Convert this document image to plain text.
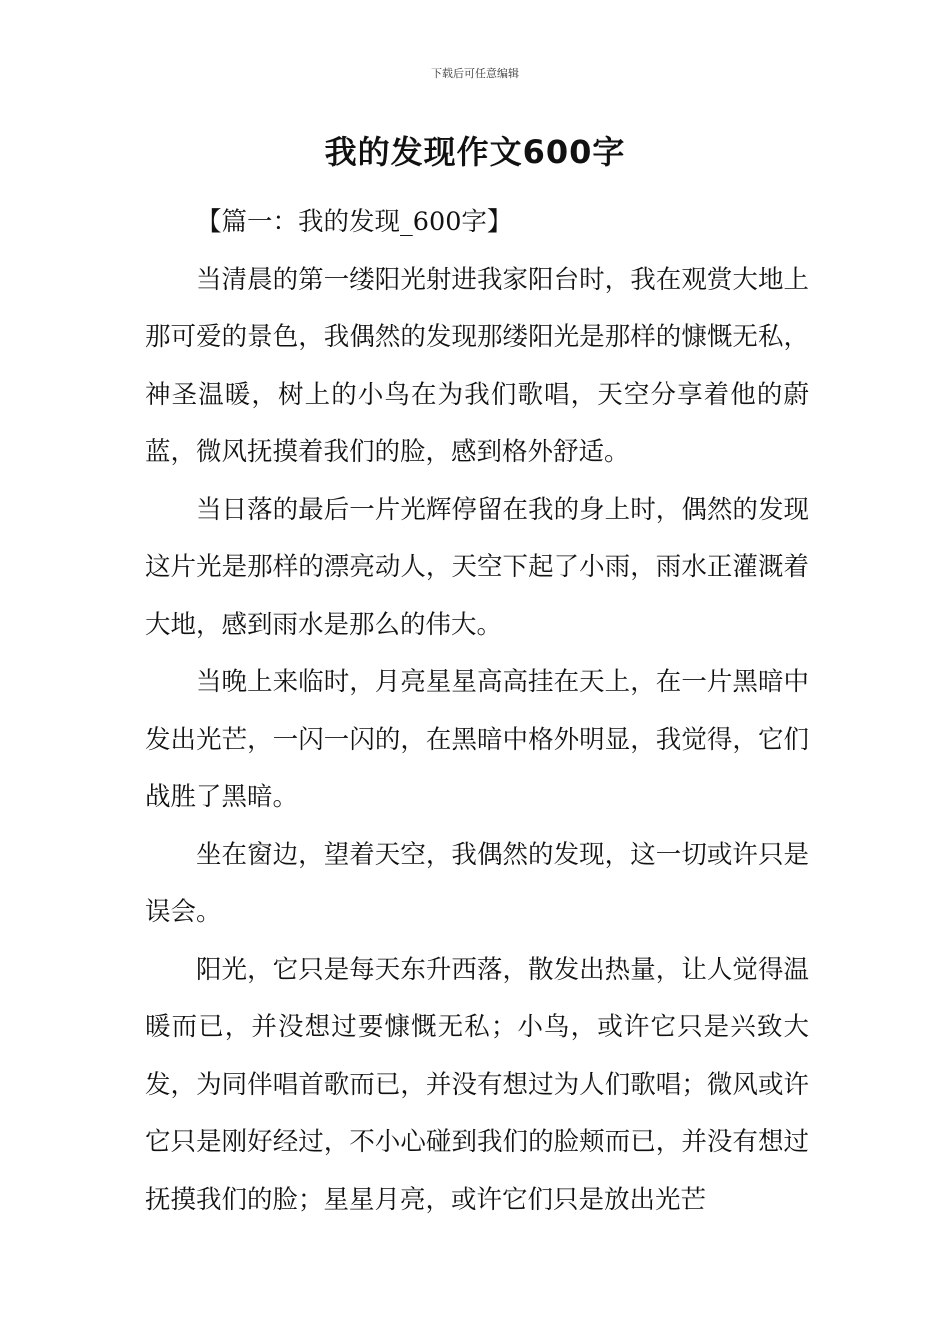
下载后可任意编辑
我的发现作文600字

【篇一：我的发现_600字】

当清晨的第一缕阳光射进我家阳台时，我在观赏大地上那可爱的景色，我偶然的发现那缕阳光是那样的慷慨无私，神圣温暖，树上的小鸟在为我们歌唱，天空分享着他的蔚蓝，微风抚摸着我们的脸，感到格外舒适。

当日落的最后一片光辉停留在我的身上时，偶然的发现这片光是那样的漂亮动人，天空下起了小雨，雨水正灌溉着大地，感到雨水是那么的伟大。

当晚上来临时，月亮星星高高挂在天上，在一片黑暗中发出光芒，一闪一闪的，在黑暗中格外明显，我觉得，它们战胜了黑暗。

坐在窗边，望着天空，我偶然的发现，这一切或许只是误会。

阳光，它只是每天东升西落，散发出热量，让人觉得温暖而已，并没想过要慷慨无私；小鸟，或许它只是兴致大发，为同伴唱首歌而已，并没有想过为人们歌唱；微风或许它只是刚好经过，不小心碰到我们的脸颊而已，并没有想过抚摸我们的脸；星星月亮，或许它们只是放出光芒
